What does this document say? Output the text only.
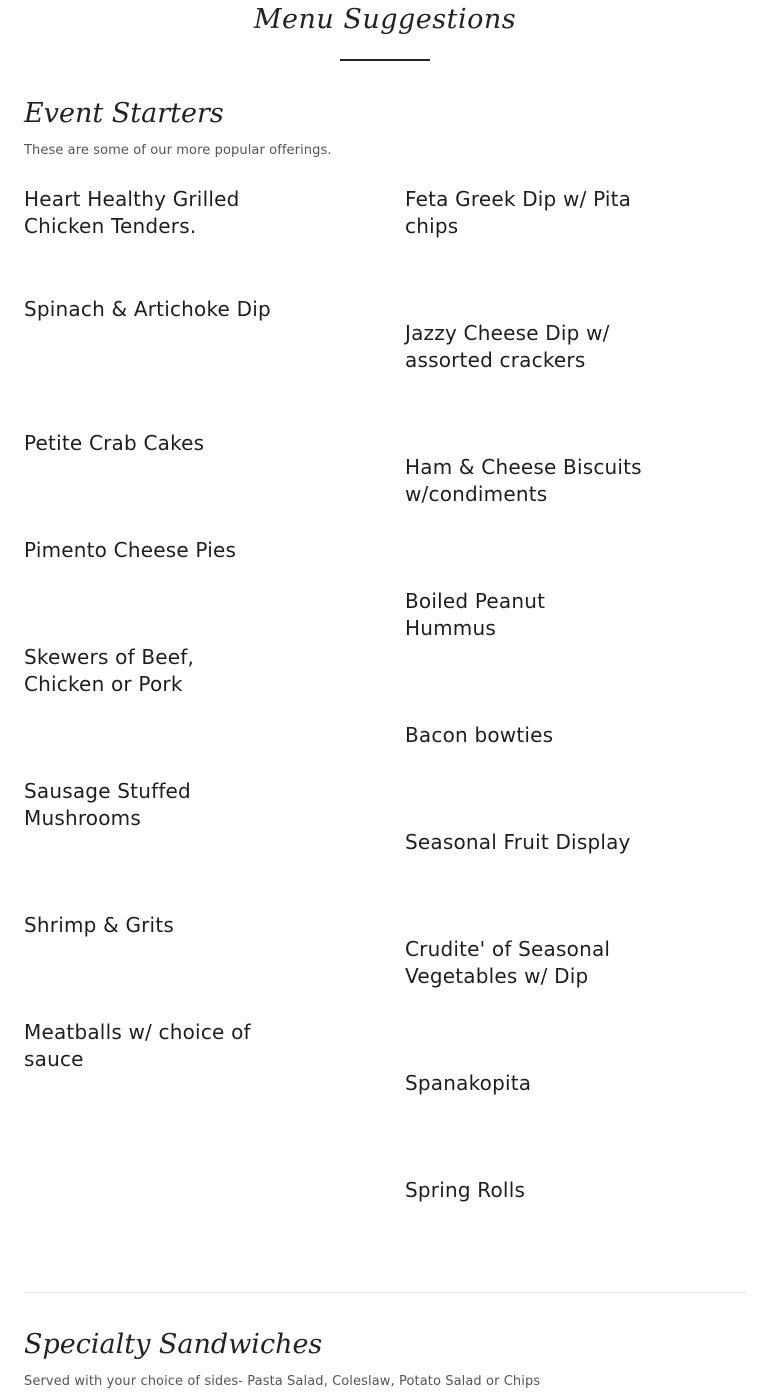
Menu Suggestions
Event Starters
These are some of our more popular offerings.
Heart Healthy Grilled Chicken Tenders.
Spinach & Artichoke Dip
Petite Crab Cakes
Pimento Cheese Pies
Skewers of Beef, Chicken or Pork
Sausage Stuffed Mushrooms
Shrimp & Grits
Meatballs w/ choice of sauce
Feta Greek Dip w/ Pita chips
Jazzy Cheese Dip w/ assorted crackers
Ham & Cheese Biscuits w/condiments
Boiled Peanut Hummus
Bacon bowties
Seasonal Fruit Display
Crudite' of Seasonal Vegetables w/ Dip
Spanakopita
Spring Rolls
Specialty Sandwiches
Served with your choice of sides- Pasta Salad, Coleslaw, Potato Salad or Chips
